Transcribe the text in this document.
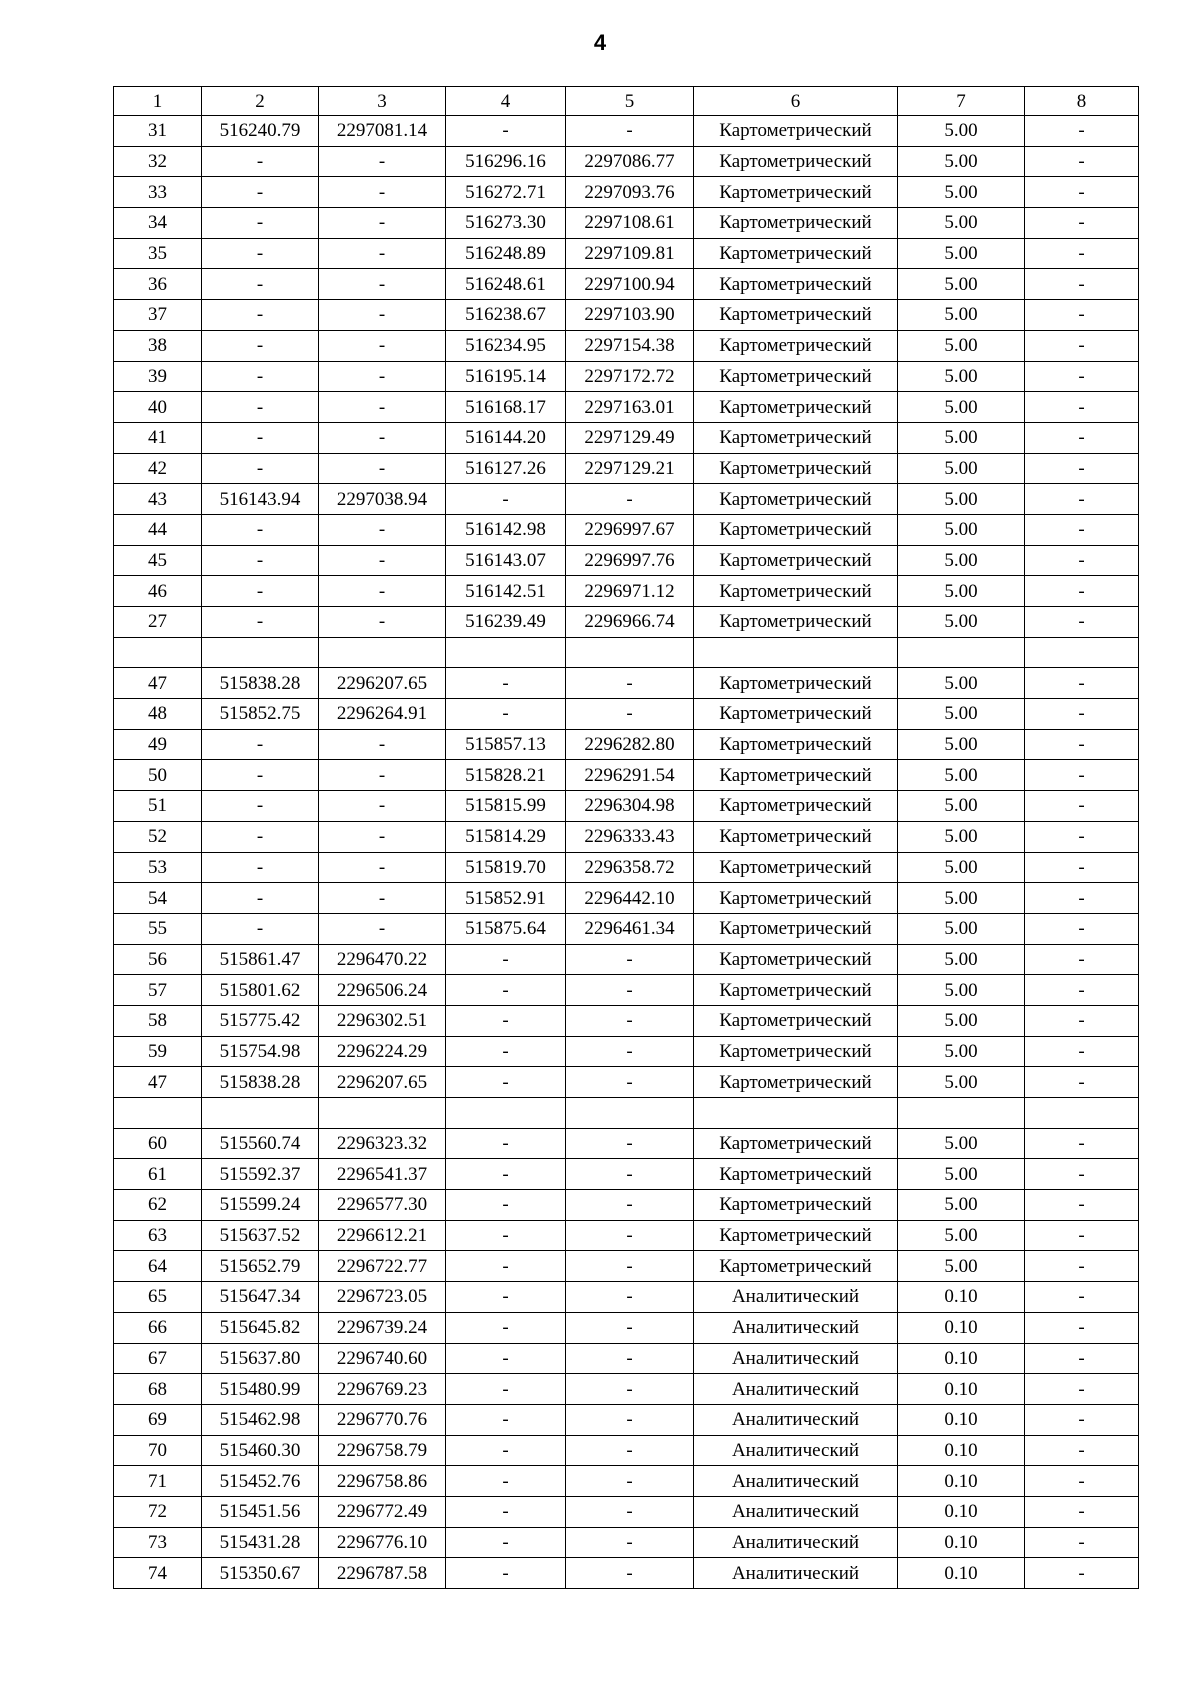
4
1	2	3	4	5	6	7	8
31	516240.79	2297081.14	-	-	Картометрический	5.00	-
32	-	-	516296.16	2297086.77	Картометрический	5.00	-
33	-	-	516272.71	2297093.76	Картометрический	5.00	-
34	-	-	516273.30	2297108.61	Картометрический	5.00	-
35	-	-	516248.89	2297109.81	Картометрический	5.00	-
36	-	-	516248.61	2297100.94	Картометрический	5.00	-
37	-	-	516238.67	2297103.90	Картометрический	5.00	-
38	-	-	516234.95	2297154.38	Картометрический	5.00	-
39	-	-	516195.14	2297172.72	Картометрический	5.00	-
40	-	-	516168.17	2297163.01	Картометрический	5.00	-
41	-	-	516144.20	2297129.49	Картометрический	5.00	-
42	-	-	516127.26	2297129.21	Картометрический	5.00	-
43	516143.94	2297038.94	-	-	Картометрический	5.00	-
44	-	-	516142.98	2296997.67	Картометрический	5.00	-
45	-	-	516143.07	2296997.76	Картометрический	5.00	-
46	-	-	516142.51	2296971.12	Картометрический	5.00	-
27	-	-	516239.49	2296966.74	Картометрический	5.00	-

47	515838.28	2296207.65	-	-	Картометрический	5.00	-
48	515852.75	2296264.91	-	-	Картометрический	5.00	-
49	-	-	515857.13	2296282.80	Картометрический	5.00	-
50	-	-	515828.21	2296291.54	Картометрический	5.00	-
51	-	-	515815.99	2296304.98	Картометрический	5.00	-
52	-	-	515814.29	2296333.43	Картометрический	5.00	-
53	-	-	515819.70	2296358.72	Картометрический	5.00	-
54	-	-	515852.91	2296442.10	Картометрический	5.00	-
55	-	-	515875.64	2296461.34	Картометрический	5.00	-
56	515861.47	2296470.22	-	-	Картометрический	5.00	-
57	515801.62	2296506.24	-	-	Картометрический	5.00	-
58	515775.42	2296302.51	-	-	Картометрический	5.00	-
59	515754.98	2296224.29	-	-	Картометрический	5.00	-
47	515838.28	2296207.65	-	-	Картометрический	5.00	-

60	515560.74	2296323.32	-	-	Картометрический	5.00	-
61	515592.37	2296541.37	-	-	Картометрический	5.00	-
62	515599.24	2296577.30	-	-	Картометрический	5.00	-
63	515637.52	2296612.21	-	-	Картометрический	5.00	-
64	515652.79	2296722.77	-	-	Картометрический	5.00	-
65	515647.34	2296723.05	-	-	Аналитический	0.10	-
66	515645.82	2296739.24	-	-	Аналитический	0.10	-
67	515637.80	2296740.60	-	-	Аналитический	0.10	-
68	515480.99	2296769.23	-	-	Аналитический	0.10	-
69	515462.98	2296770.76	-	-	Аналитический	0.10	-
70	515460.30	2296758.79	-	-	Аналитический	0.10	-
71	515452.76	2296758.86	-	-	Аналитический	0.10	-
72	515451.56	2296772.49	-	-	Аналитический	0.10	-
73	515431.28	2296776.10	-	-	Аналитический	0.10	-
74	515350.67	2296787.58	-	-	Аналитический	0.10	-
